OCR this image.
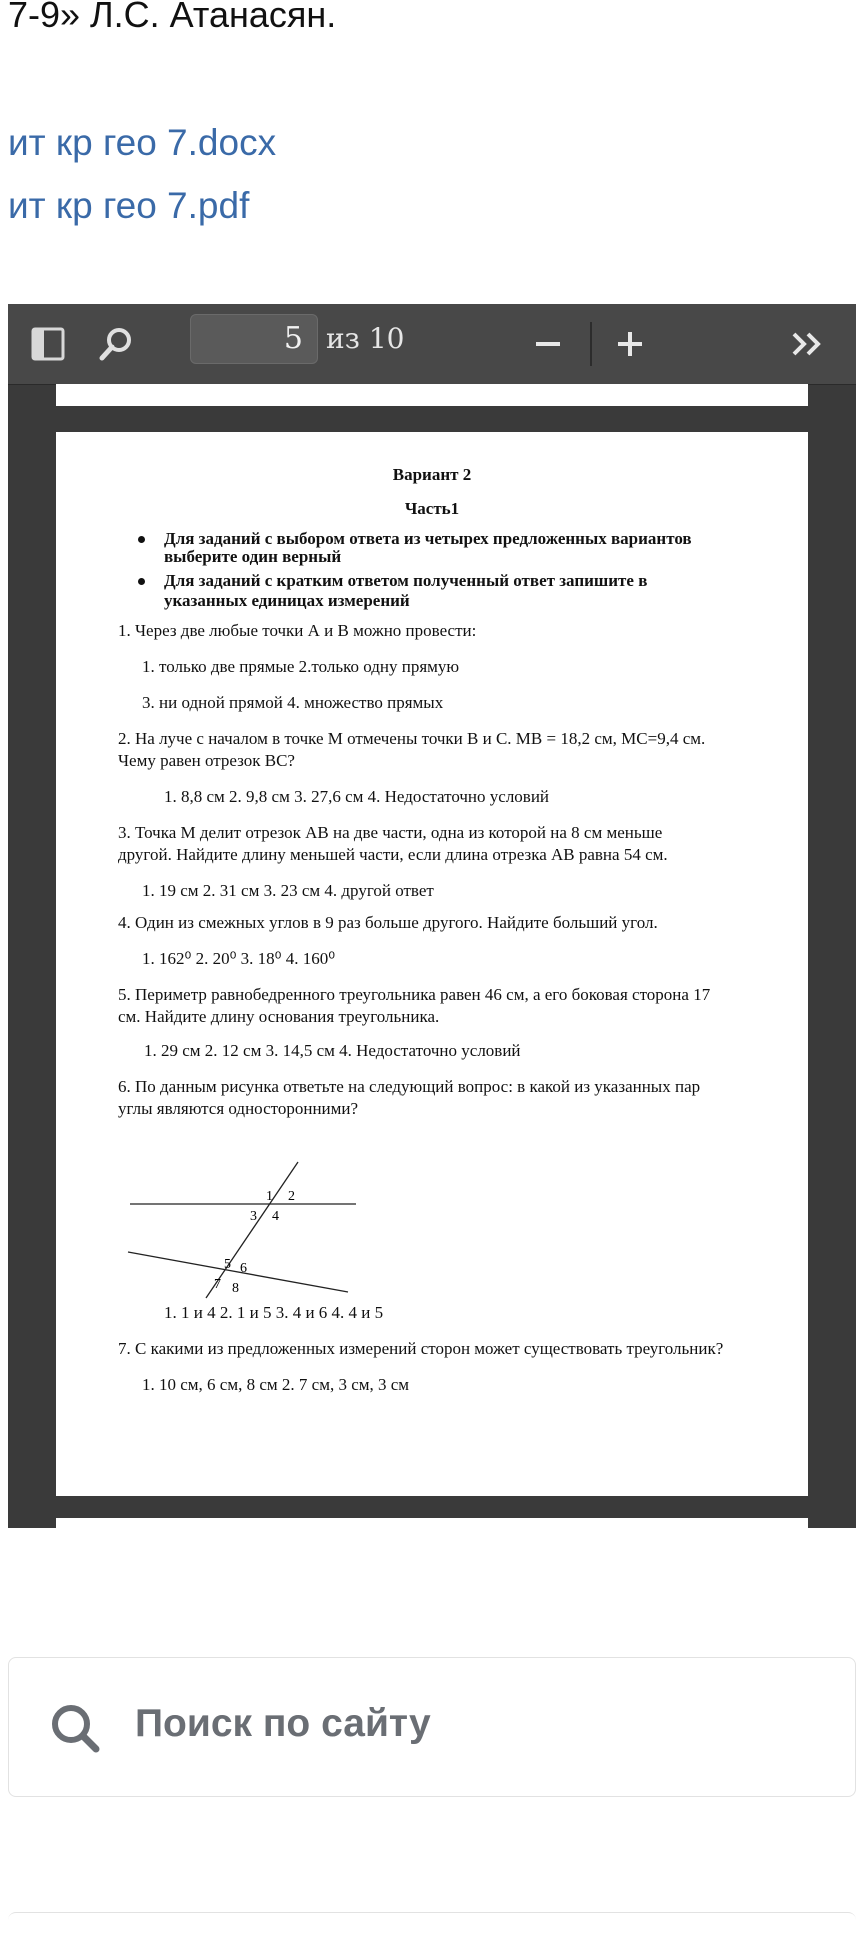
7-9» Л.С. Атанасян.
ит кр гео 7.docx
ит кр гео 7.pdf
5 из 10
Вариант 2
Часть1
Для заданий с выбором ответа из четырех предложенных вариантов
выберите один верный
Для заданий с кратким ответом полученный ответ запишите в
указанных единицах измерений
1. Через две любые точки А и В можно провести:
1. только две прямые 2.только одну прямую
3. ни одной прямой 4. множество прямых
2. На луче с началом в точке М отмечены точки В и С. МВ = 18,2 см, МС=9,4 см.
Чему равен отрезок ВС?
1. 8,8 см 2. 9,8 см 3. 27,6 см 4. Недостаточно условий
3. Точка M делит отрезок AB на две части, одна из которой на 8 см меньше
другой. Найдите длину меньшей части, если длина отрезка AB равна 54 см.
1. 19 см 2. 31 см 3. 23 см 4. другой ответ
4. Один из смежных углов в 9 раз больше другого. Найдите больший угол.
1. 162⁰ 2. 20⁰ 3. 18⁰ 4. 160⁰
5. Периметр равнобедренного треугольника равен 46 см, а его боковая сторона 17
см. Найдите длину основания треугольника.
1. 29 см 2. 12 см 3. 14,5 см 4. Недостаточно условий
6. По данным рисунка ответьте на следующий вопрос: в какой из указанных пар
углы являются односторонними?
1 2
3 4
5 6
7 8
1. 1 и 4 2. 1 и 5 3. 4 и 6 4. 4 и 5
7. С какими из предложенных измерений сторон может существовать треугольник?
1. 10 см, 6 см, 8 см 2. 7 см, 3 см, 3 см
Поиск по сайту
